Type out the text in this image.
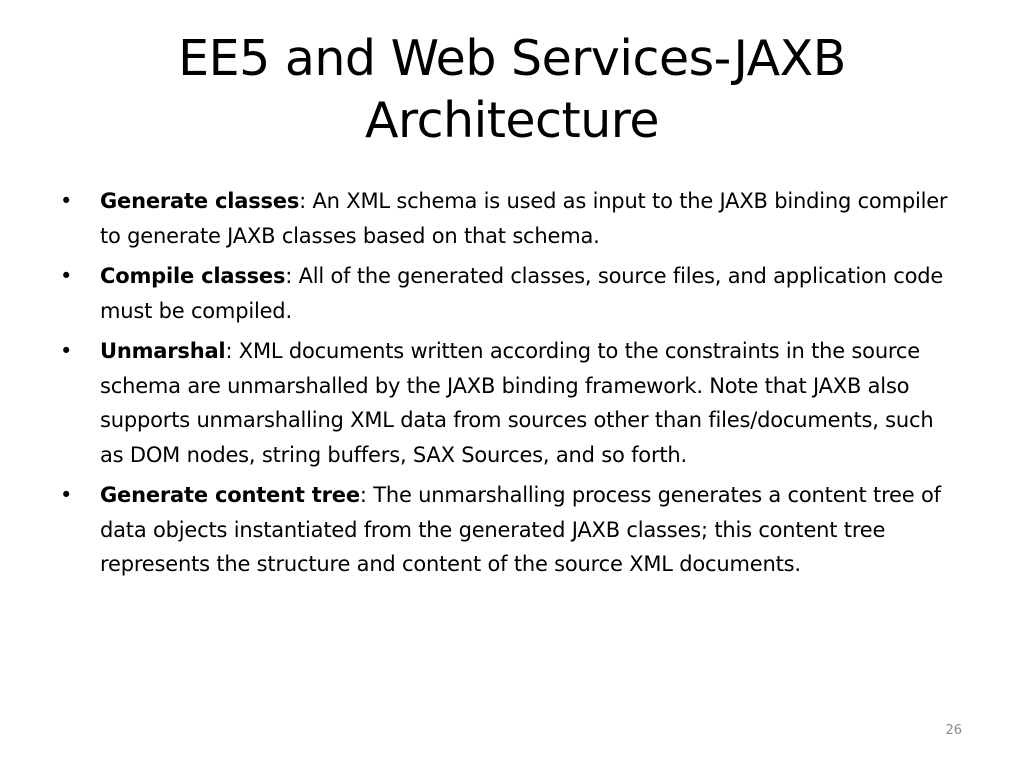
EE5 and Web Services-JAXB Architecture
•	Generate classes: An XML schema is used as input to the JAXB binding compiler to generate JAXB classes based on that schema.
•	Compile classes: All of the generated classes, source files, and application code must be compiled.
•	Unmarshal: XML documents written according to the constraints in the source schema are unmarshalled by the JAXB binding framework. Note that JAXB also supports unmarshalling XML data from sources other than files/documents, such as DOM nodes, string buffers, SAX Sources, and so forth.
•	Generate content tree: The unmarshalling process generates a content tree of data objects instantiated from the generated JAXB classes; this content tree represents the structure and content of the source XML documents.
26
